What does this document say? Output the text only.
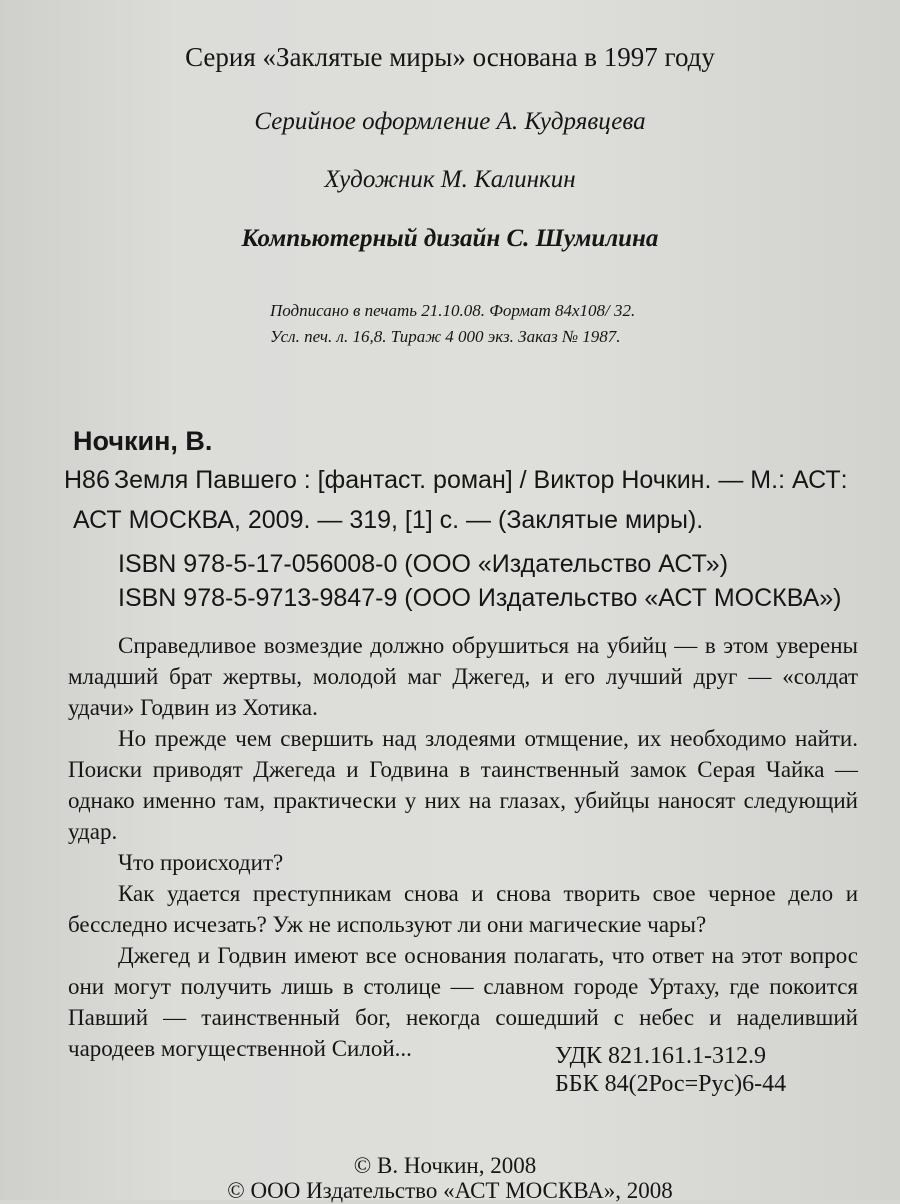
Серия «Заклятые миры» основана в 1997 году
Серийное оформление А. Кудрявцева
Художник М. Калинкин
Компьютерный дизайн С. Шумилина
Подписано в печать 21.10.08. Формат 84x108/ 32.
Усл. печ. л. 16,8. Тираж 4 000 экз. Заказ № 1987.
Ночкин, В.
Н86 Земля Павшего : [фантаст. роман] / Виктор Ночкин. — М.: АСТ:
АСТ МОСКВА, 2009. — 319, [1] с. — (Заклятые миры).
ISBN 978-5-17-056008-0 (ООО «Издательство АСТ»)
ISBN 978-5-9713-9847-9 (ООО Издательство «АСТ МОСКВА»)

Справедливое возмездие должно обрушиться на убийц — в этом уверены младший брат жертвы, молодой маг Джегед, и его лучший друг — «солдат удачи» Годвин из Хотика.

Но прежде чем свершить над злодеями отмщение, их необходимо найти. Поиски приводят Джегеда и Годвина в таинственный замок Серая Чайка — однако именно там, практически у них на глазах, убийцы наносят следующий удар.

Что происходит?

Как удается преступникам снова и снова творить свое черное дело и бесследно исчезать? Уж не используют ли они магические чары?

Джегед и Годвин имеют все основания полагать, что ответ на этот вопрос они могут получить лишь в столице — славном городе Уртаху, где покоится Павший — таинственный бог, некогда сошедший с небес и наделивший чародеев могущественной Силой...	УДК 821.161.1-312.9
ББК 84(2Рос=Рус)6-44
© В. Ночкин, 2008
© ООО Издательство «АСТ МОСКВА», 2008
